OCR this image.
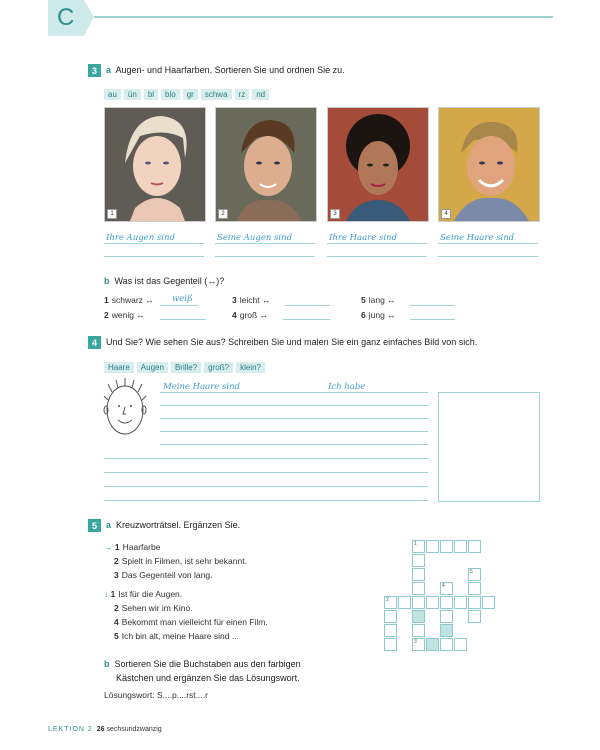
C
3	a Augen- und Haarfarben. Sortieren Sie und ordnen Sie zu.
au ün bl blo gr schwa rz nd
1	2	3	4
Ihre Augen sind	Seine Augen sind	Ihre Haare sind	Seine Haare sind
b Was ist das Gegenteil (↔)?
1 schwarz ↔ weiß
2 wenig ↔
3 leicht ↔
4 groß ↔
5 lang ↔
6 jung ↔
4	Und Sie? Wie sehen Sie aus? Schreiben Sie und malen Sie ein ganz einfaches Bild von sich.
Haare Augen Brille? groß? klein?
Meine Haare sind	Ich habe
5	a Kreuzworträtsel. Ergänzen Sie.
→ 1 Haarfarbe
2 Spielt in Filmen, ist sehr bekannt.
3 Das Gegenteil von lang.
↓ 1 Ist für die Augen.
2 Sehen wir im Kino.
4 Bekommt man vielleicht für einen Film.
5 Ich bin alt, meine Haare sind ...
1
2
3
4
5
b Sortieren Sie die Buchstaben aus den farbigen
Kästchen und ergänzen Sie das Lösungswort.
Lösungswort: S....p....rst....r
LEKTION 2 26 sechsundzwanzig
